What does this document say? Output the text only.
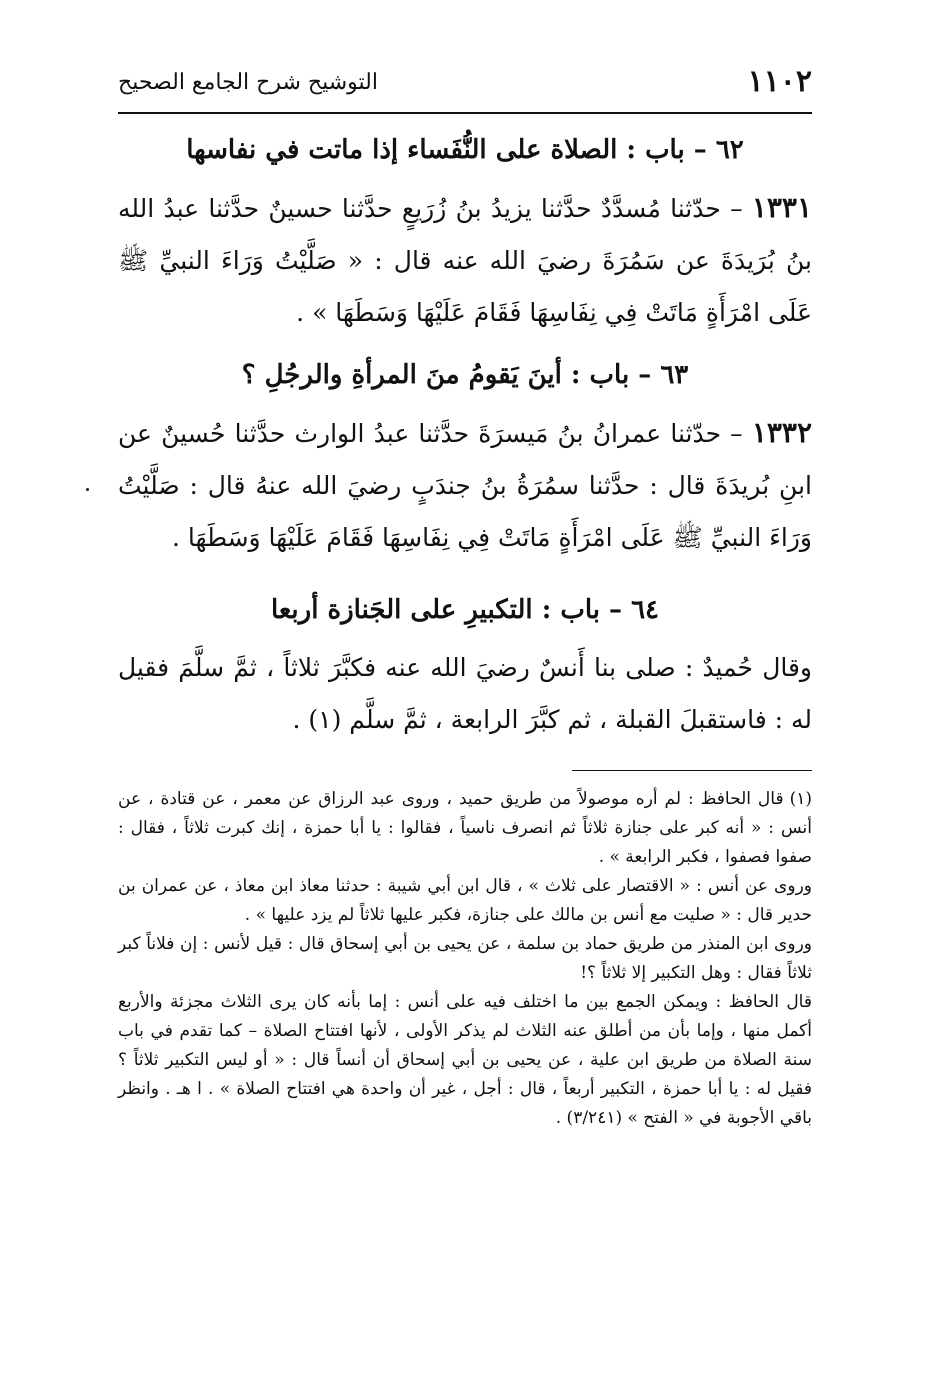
١١٠٢
التوشيح شرح الجامع الصحيح
٦٢ – باب : الصلاة على النُّفَساء إذا ماتت في نفاسها
١٣٣١ – حدّثنا مُسدَّدٌ حدَّثنا يزيدُ بنُ زُرَيعٍ حدَّثنا حسينٌ حدَّثنا عبدُ الله بنُ بُرَيدَةَ عن سَمُرَةَ رضيَ الله عنه قال : « صَلَّيْتُ وَرَاءَ النبيِّ ﷺ عَلَى امْرَأَةٍ مَاتَتْ فِي نِفَاسِهَا فَقَامَ عَلَيْهَا وَسَطَهَا » .
٦٣ – باب : أينَ يَقومُ منَ المرأةِ والرجُلِ ؟
١٣٣٢ – حدّثنا عمرانُ بنُ مَيسرَةَ حدَّثنا عبدُ الوارث حدَّثنا حُسينٌ عن ابنِ بُريدَةَ قال : حدَّثنا سمُرَةُ بنُ جندَبٍ رضيَ الله عنهُ قال : صَلَّيْتُ وَرَاءَ النبيِّ ﷺ عَلَى امْرَأَةٍ مَاتَتْ فِي نِفَاسِهَا فَقَامَ عَلَيْهَا وَسَطَهَا .
٦٤ – باب : التكبيرِ على الجَنازة أربعا
وقال حُميدٌ : صلى بنا أَنسٌ رضيَ الله عنه فكبَّرَ ثلاثاً ، ثمَّ سلَّمَ فقيل له : فاستقبلَ القبلة ، ثم كبَّرَ الرابعة ، ثمَّ سلَّم (١) .
(١)قال الحافظ : لم أره موصولاً من طريق حميد ، وروى عبد الرزاق عن معمر ، عن قتادة ، عن أنس : « أنه كبر على جنازة ثلاثاً ثم انصرف ناسياً ، فقالوا : يا أبا حمزة ، إنك كبرت ثلاثاً ، فقال : صفوا فصفوا ، فكبر الرابعة » .
وروى عن أنس : « الاقتصار على ثلاث » ، قال ابن أبي شيبة : حدثنا معاذ ابن معاذ ، عن عمران بن حدير قال : « صليت مع أنس بن مالك على جنازة، فكبر عليها ثلاثاً لم يزد عليها » .
وروى ابن المنذر من طريق حماد بن سلمة ، عن يحيى بن أبي إسحاق قال : قيل لأنس : إن فلاناً كبر ثلاثاً فقال : وهل التكبير إلا ثلاثاً ؟!
قال الحافظ : ويمكن الجمع بين ما اختلف فيه على أنس : إما بأنه كان يرى الثلاث مجزئة والأربع أكمل منها ، وإما بأن من أطلق عنه الثلاث لم يذكر الأولى ، لأنها افتتاح الصلاة – كما تقدم في باب سنة الصلاة من طريق ابن علية ، عن يحيى بن أبي إسحاق أن أنساً قال : « أو ليس التكبير ثلاثاً ؟ فقيل له : يا أبا حمزة ، التكبير أربعاً ، قال : أجل ، غير أن واحدة هي افتتاح الصلاة » . ا هـ . وانظر باقي الأجوبة في « الفتح » (٣/٢٤١) .
